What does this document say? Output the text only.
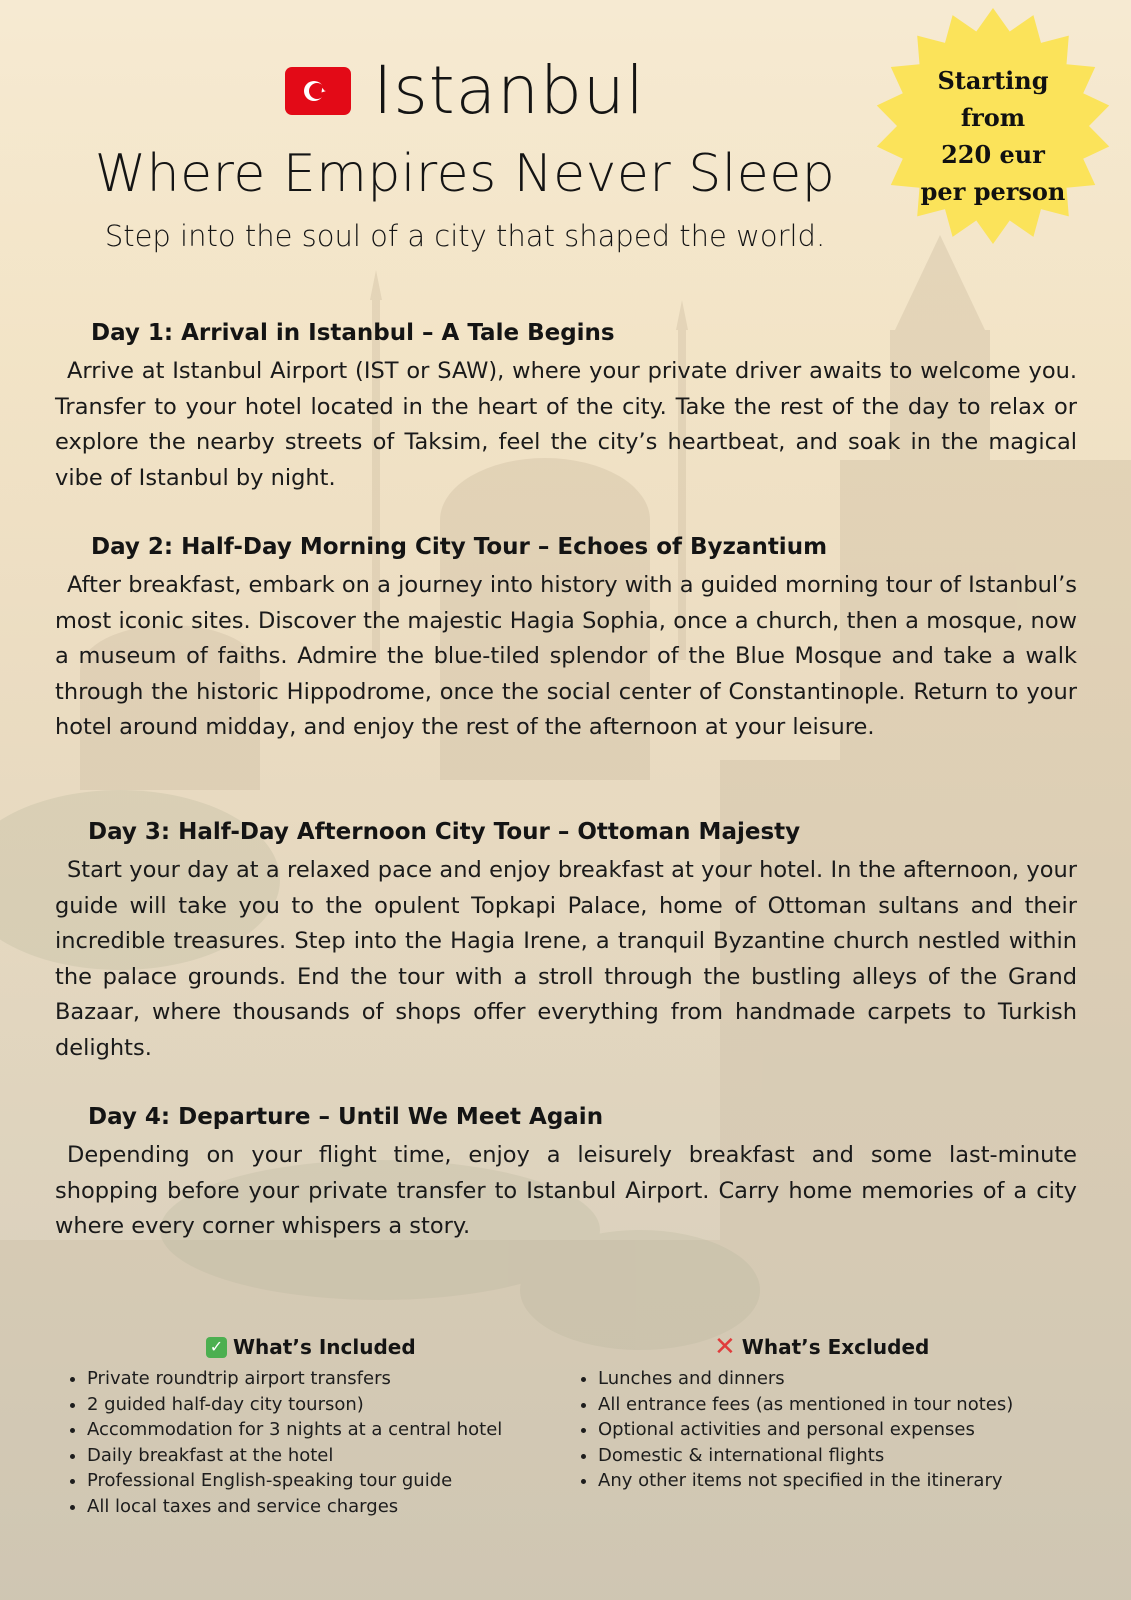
Istanbul
Where Empires Never Sleep
Step into the soul of a city that shaped the world.
Starting
from
220 eur
per person
Day 1: Arrival in Istanbul – A Tale Begins

Arrive at Istanbul Airport (IST or SAW), where your private driver awaits to welcome you. Transfer to your hotel located in the heart of the city. Take the rest of the day to relax or explore the nearby streets of Taksim, feel the city’s heartbeat, and soak in the magical vibe of Istanbul by night.

Day 2: Half-Day Morning City Tour – Echoes of Byzantium

After breakfast, embark on a journey into history with a guided morning tour of Istanbul’s most iconic sites. Discover the majestic Hagia Sophia, once a church, then a mosque, now a museum of faiths. Admire the blue-tiled splendor of the Blue Mosque and take a walk through the historic Hippodrome, once the social center of Constantinople. Return to your hotel around midday, and enjoy the rest of the afternoon at your leisure.

Day 3: Half-Day Afternoon City Tour – Ottoman Majesty

Start your day at a relaxed pace and enjoy breakfast at your hotel. In the afternoon, your guide will take you to the opulent Topkapi Palace, home of Ottoman sultans and their incredible treasures. Step into the Hagia Irene, a tranquil Byzantine church nestled within the palace grounds. End the tour with a stroll through the bustling alleys of the Grand Bazaar, where thousands of shops offer everything from handmade carpets to Turkish delights.

Day 4: Departure – Until We Meet Again

Depending on your flight time, enjoy a leisurely breakfast and some last-minute shopping before your private transfer to Istanbul Airport. Carry home memories of a city where every corner whispers a story.

✓ What’s Included
• Private roundtrip airport transfers
• 2 guided half-day city tourson)
• Accommodation for 3 nights at a central hotel
• Daily breakfast at the hotel
• Professional English-speaking tour guide
• All local taxes and service charges
✕ What’s Excluded
• Lunches and dinners
• All entrance fees (as mentioned in tour notes)
• Optional activities and personal expenses
• Domestic & international flights
• Any other items not specified in the itinerary
